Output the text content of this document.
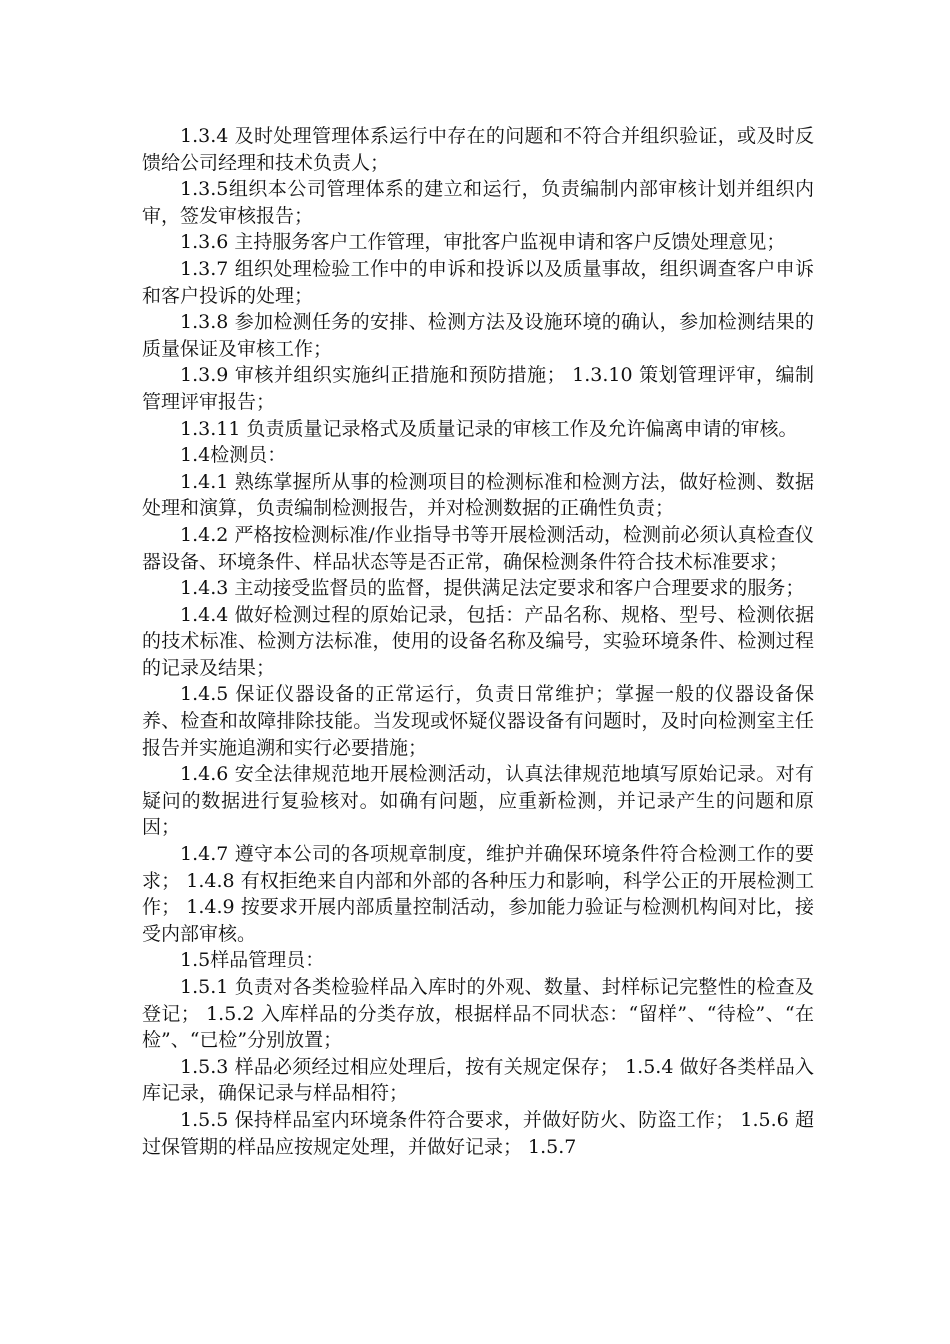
1.3.4 及时处理管理体系运行中存在的问题和不符合并组织验证，或及时反馈给公司经理和技术负责人；

1.3.5组织本公司管理体系的建立和运行，负责编制内部审核计划并组织内审，签发审核报告；

1.3.6 主持服务客户工作管理，审批客户监视申请和客户反馈处理意见；

1.3.7 组织处理检验工作中的申诉和投诉以及质量事故，组织调查客户申诉和客户投诉的处理；

1.3.8 参加检测任务的安排、检测方法及设施环境的确认，参加检测结果的质量保证及审核工作；

1.3.9 审核并组织实施纠正措施和预防措施； 1.3.10 策划管理评审，编制管理评审报告；

1.3.11 负责质量记录格式及质量记录的审核工作及允许偏离申请的审核。

1.4检测员：

1.4.1 熟练掌握所从事的检测项目的检测标准和检测方法，做好检测、数据处理和演算，负责编制检测报告，并对检测数据的正确性负责；

1.4.2 严格按检测标准/作业指导书等开展检测活动，检测前必须认真检查仪器设备、环境条件、样品状态等是否正常，确保检测条件符合技术标准要求；

1.4.3 主动接受监督员的监督，提供满足法定要求和客户合理要求的服务；

1.4.4 做好检测过程的原始记录，包括：产品名称、规格、型号、检测依据的技术标准、检测方法标准，使用的设备名称及编号，实验环境条件、检测过程的记录及结果；

1.4.5 保证仪器设备的正常运行，负责日常维护；掌握一般的仪器设备保养、检查和故障排除技能。当发现或怀疑仪器设备有问题时，及时向检测室主任报告并实施追溯和实行必要措施；

1.4.6 安全法律规范地开展检测活动，认真法律规范地填写原始记录。对有疑问的数据进行复验核对。如确有问题，应重新检测，并记录产生的问题和原因；

1.4.7 遵守本公司的各项规章制度，维护并确保环境条件符合检测工作的要求； 1.4.8 有权拒绝来自内部和外部的各种压力和影响，科学公正的开展检测工作； 1.4.9 按要求开展内部质量控制活动，参加能力验证与检测机构间对比，接受内部审核。

1.5样品管理员：

1.5.1 负责对各类检验样品入库时的外观、数量、封样标记完整性的检查及登记； 1.5.2 入库样品的分类存放，根据样品不同状态：“留样”、“待检”、“在检”、“已检”分别放置；

1.5.3 样品必须经过相应处理后，按有关规定保存； 1.5.4 做好各类样品入库记录，确保记录与样品相符；

1.5.5 保持样品室内环境条件符合要求，并做好防火、防盗工作； 1.5.6 超过保管期的样品应按规定处理，并做好记录； 1.5.7
